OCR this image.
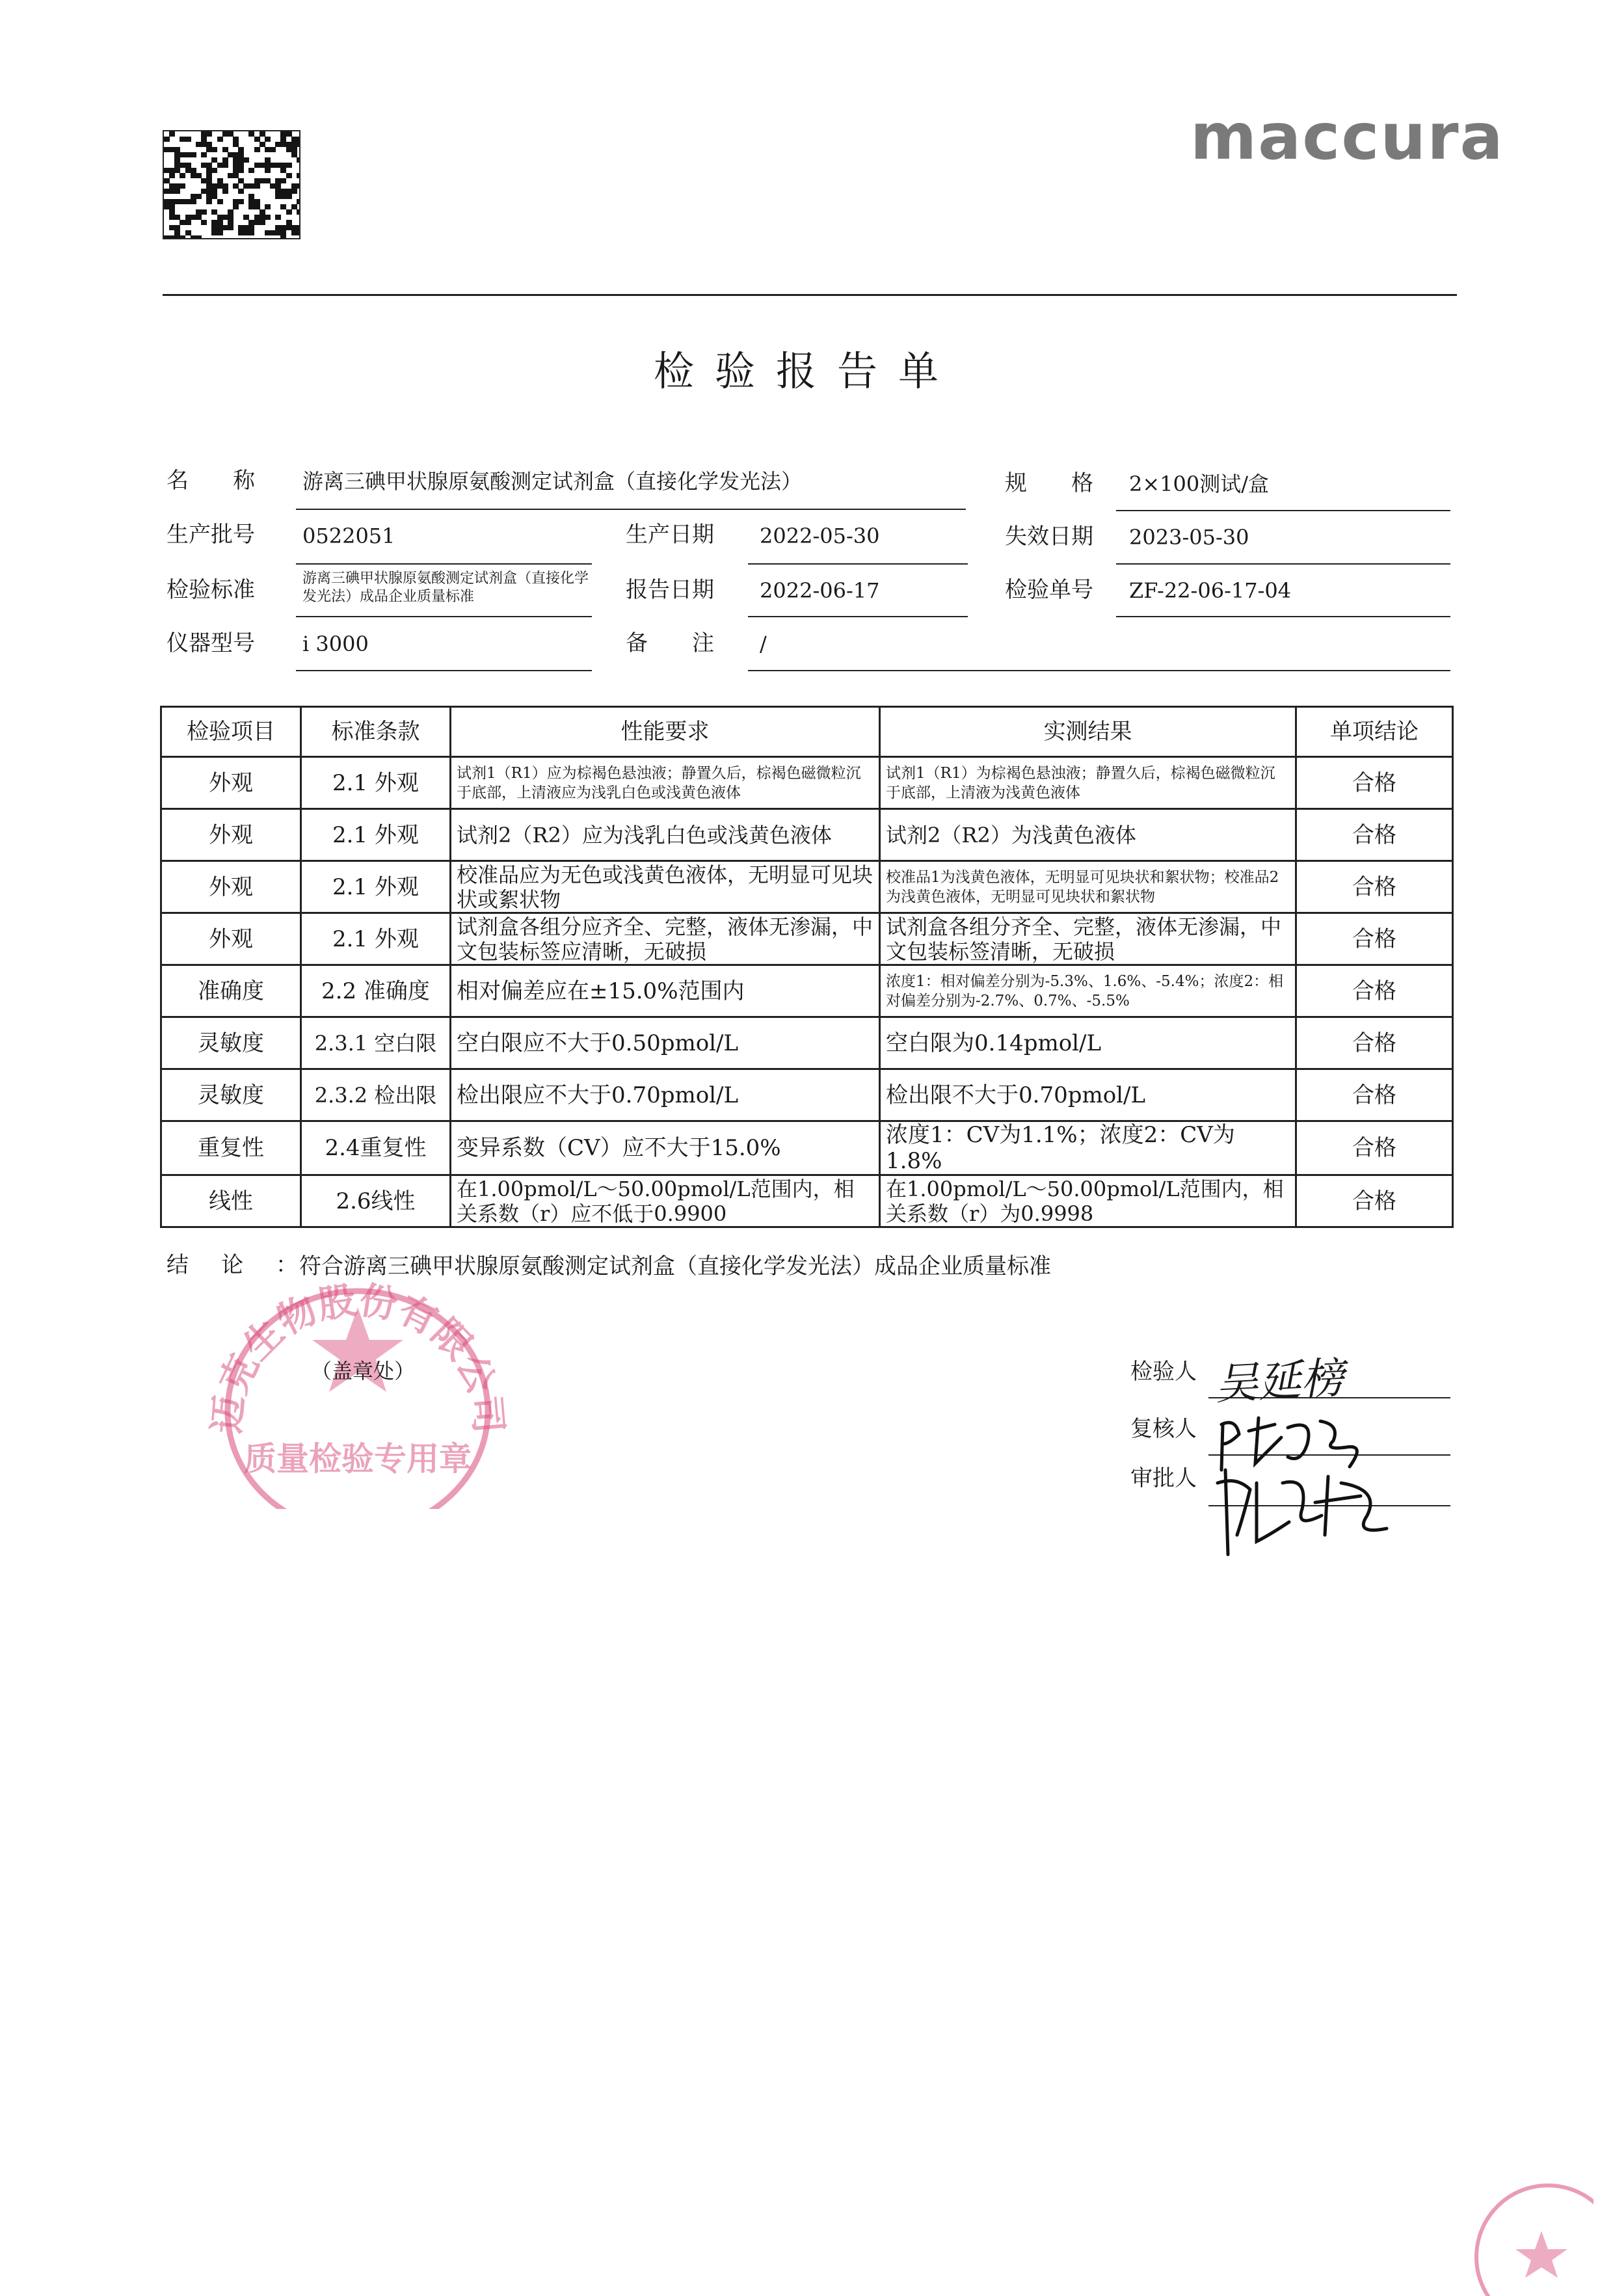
maccura
检验报告单
名　　称 游离三碘甲状腺原氨酸测定试剂盒（直接化学发光法）	规　　格 2×100测试/盒
生产批号 0522051	生产日期 2022-05-30	失效日期 2023-05-30
检验标准	游离三碘甲状腺原氨酸测定试剂盒（直接化学发光法）成品企业质量标准	报告日期 2022-06-17	检验单号 ZF-22-06-17-04
仪器型号 i 3000	备　　注 /
检验项目	标准条款	性能要求	实测结果	单项结论
外观	2.1 外观	试剂1（R1）应为棕褐色悬浊液；静置久后，棕褐色磁微粒沉于底部，上清液应为浅乳白色或浅黄色液体	试剂1（R1）为棕褐色悬浊液；静置久后，棕褐色磁微粒沉于底部，上清液为浅黄色液体	合格
外观	2.1 外观	试剂2（R2）应为浅乳白色或浅黄色液体	试剂2（R2）为浅黄色液体	合格
外观	2.1 外观	校准品应为无色或浅黄色液体，无明显可见块状或絮状物	校准品1为浅黄色液体，无明显可见块状和絮状物；校准品2为浅黄色液体，无明显可见块状和絮状物	合格
外观	2.1 外观	试剂盒各组分应齐全、完整，液体无渗漏，中文包装标签应清晰，无破损	试剂盒各组分齐全、完整，液体无渗漏，中文包装标签清晰，无破损	合格
准确度	2.2 准确度	相对偏差应在±15.0%范围内	浓度1：相对偏差分别为-5.3%、1.6%、-5.4%；浓度2：相对偏差分别为-2.7%、0.7%、-5.5%	合格
灵敏度	2.3.1 空白限	空白限应不大于0.50pmol/L	空白限为0.14pmol/L	合格
灵敏度	2.3.2 检出限	检出限应不大于0.70pmol/L	检出限不大于0.70pmol/L	合格
重复性	2.4重复性	变异系数（CV）应不大于15.0%	浓度1：CV为1.1%；浓度2：CV为1.8%	合格
线性	2.6线性	在1.00pmol/L～50.00pmol/L范围内，相关系数（r）应不低于0.9900	在1.00pmol/L～50.00pmol/L范围内，相关系数（r）为0.9998	合格
结论：
符合游离三碘甲状腺原氨酸测定试剂盒（直接化学发光法）成品企业质量标准
迈克生物股份有限公司
质量检验专用章
（盖章处）	检验人 吴延榜
复核人
审批人
